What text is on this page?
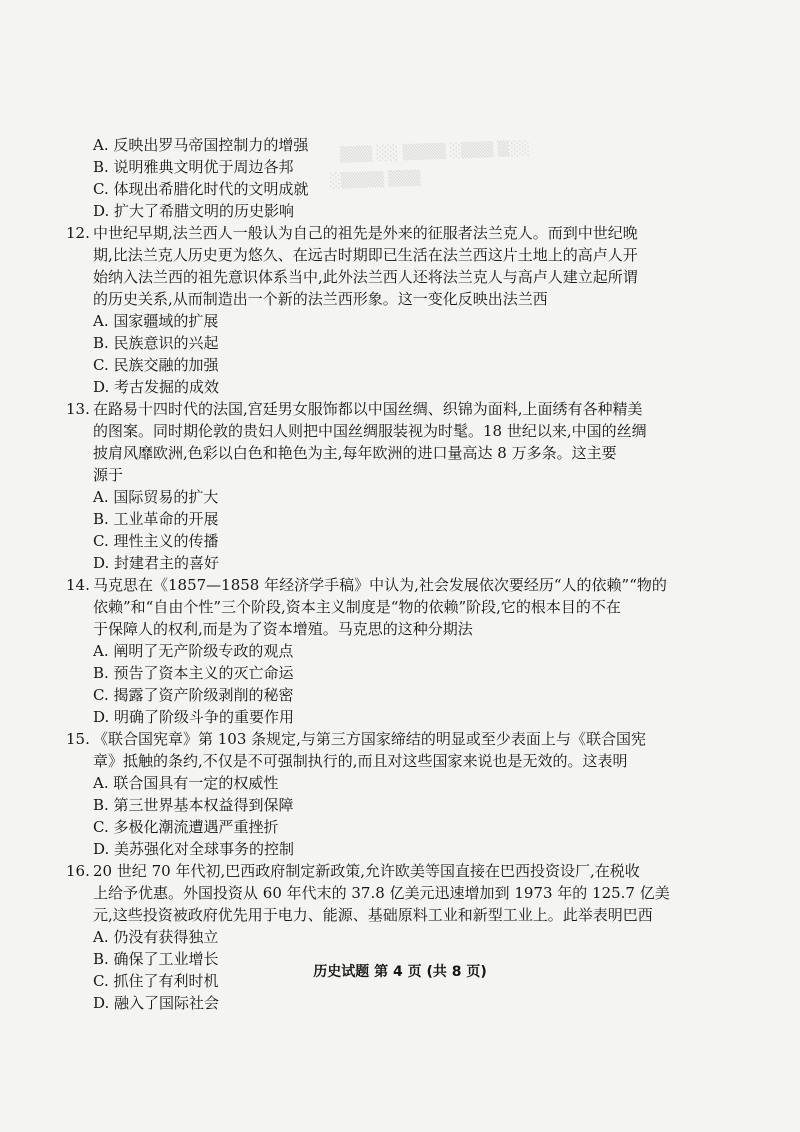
▒▒▒ ░░ ▒▒▒▒ ░▒▒▒ ▒░░
░▒▒▒▒ ▒▒▒
A. 反映出罗马帝国控制力的增强
B. 说明雅典文明优于周边各邦
C. 体现出希腊化时代的文明成就
D. 扩大了希腊文明的历史影响
12. 中世纪早期,法兰西人一般认为自己的祖先是外来的征服者法兰克人。而到中世纪晚
期,比法兰克人历史更为悠久、在远古时期即已生活在法兰西这片土地上的高卢人开
始纳入法兰西的祖先意识体系当中,此外法兰西人还将法兰克人与高卢人建立起所谓
的历史关系,从而制造出一个新的法兰西形象。这一变化反映出法兰西
A. 国家疆域的扩展
B. 民族意识的兴起
C. 民族交融的加强
D. 考古发掘的成效
13. 在路易十四时代的法国,宫廷男女服饰都以中国丝绸、织锦为面料,上面绣有各种精美
的图案。同时期伦敦的贵妇人则把中国丝绸服装视为时髦。18 世纪以来,中国的丝绸
披肩风靡欧洲,色彩以白色和艳色为主,每年欧洲的进口量高达 8 万多条。这主要
源于
A. 国际贸易的扩大
B. 工业革命的开展
C. 理性主义的传播
D. 封建君主的喜好
14. 马克思在《1857—1858 年经济学手稿》中认为,社会发展依次要经历“人的依赖”“物的
依赖”和“自由个性”三个阶段,资本主义制度是“物的依赖”阶段,它的根本目的不在
于保障人的权利,而是为了资本增殖。马克思的这种分期法
A. 阐明了无产阶级专政的观点
B. 预告了资本主义的灭亡命运
C. 揭露了资产阶级剥削的秘密
D. 明确了阶级斗争的重要作用
15. 《联合国宪章》第 103 条规定,与第三方国家缔结的明显或至少表面上与《联合国宪
章》抵触的条约,不仅是不可强制执行的,而且对这些国家来说也是无效的。这表明
A. 联合国具有一定的权威性
B. 第三世界基本权益得到保障
C. 多极化潮流遭遇严重挫折
D. 美苏强化对全球事务的控制
16. 20 世纪 70 年代初,巴西政府制定新政策,允许欧美等国直接在巴西投资设厂,在税收
上给予优惠。外国投资从 60 年代末的 37.8 亿美元迅速增加到 1973 年的 125.7 亿美
元,这些投资被政府优先用于电力、能源、基础原料工业和新型工业上。此举表明巴西
A. 仍没有获得独立
B. 确保了工业增长
C. 抓住了有利时机
D. 融入了国际社会
历史试题 第 4 页 (共 8 页)
